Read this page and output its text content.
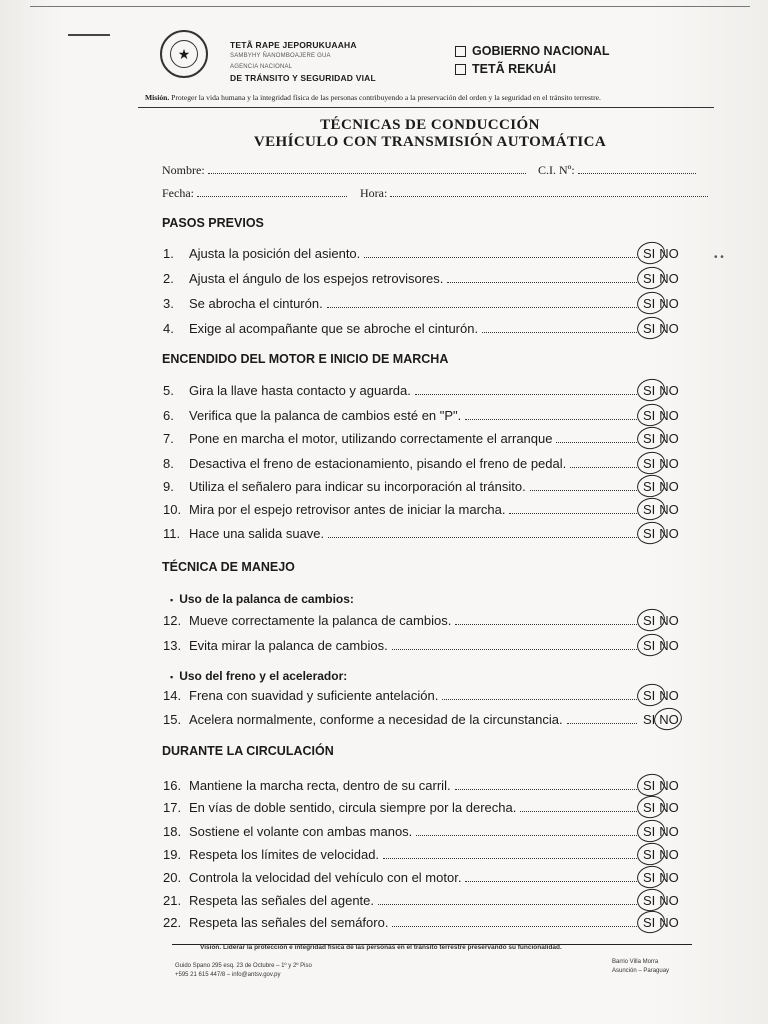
★
TETÃ RAPE JEPORUKUAAHA
SAMBYHY ÑANOMBOAJERE GUA
AGENCIA NACIONAL
DE TRÁNSITO Y SEGURIDAD VIAL
GOBIERNO NACIONAL
TETÃ REKUÁI
Misión. Proteger la vida humana y la integridad física de las personas contribuyendo a la preservación del orden y la seguridad en el tránsito terrestre.
TÉCNICAS DE CONDUCCIÓN
VEHÍCULO CON TRANSMISIÓN AUTOMÁTICA
Nombre:	C.I. Nº:
Fecha:	Hora:
PASOS PREVIOS
ENCENDIDO DEL MOTOR E INICIO DE MARCHA
TÉCNICA DE MANEJO
▪ Uso de la palanca de cambios:
▪ Uso del freno y el acelerador:
DURANTE LA CIRCULACIÓN
1.	Ajusta la posición del asiento.	SI NO
2.	Ajusta el ángulo de los espejos retrovisores.	SI NO
3.	Se abrocha el cinturón.	SI NO
4.	Exige al acompañante que se abroche el cinturón.	SI NO
5.	Gira la llave hasta contacto y aguarda.	SI NO
6.	Verifica que la palanca de cambios esté en "P".	SI NO
7.	Pone en marcha el motor, utilizando correctamente el arranque	SI NO
8.	Desactiva el freno de estacionamiento, pisando el freno de pedal.	SI NO
9.	Utiliza el señalero para indicar su incorporación al tránsito.	SI NO
10. Mira por el espejo retrovisor antes de iniciar la marcha.	SI NO
11. Hace una salida suave.	SI NO
12. Mueve correctamente la palanca de cambios.	SI NO
13. Evita mirar la palanca de cambios.	SI NO
14. Frena con suavidad y suficiente antelación.	SI NO
15. Acelera normalmente, conforme a necesidad de la circunstancia.	SI NO
16. Mantiene la marcha recta, dentro de su carril.	SI NO
17. En vías de doble sentido, circula siempre por la derecha.	SI NO
18. Sostiene el volante con ambas manos.	SI NO
19. Respeta los límites de velocidad.	SI NO
20. Controla la velocidad del vehículo con el motor.	SI NO
21. Respeta las señales del agente.	SI NO
22. Respeta las señales del semáforo.	SI NO
• •
Visión. Liderar la protección e integridad física de las personas en el tránsito terrestre preservando su funcionalidad.
Guido Spano 295 esq. 23 de Octubre – 1º y 2º Piso
+595 21 615 447/8 – info@antsv.gov.py
Barrio Villa Morra
Asunción – Paraguay
